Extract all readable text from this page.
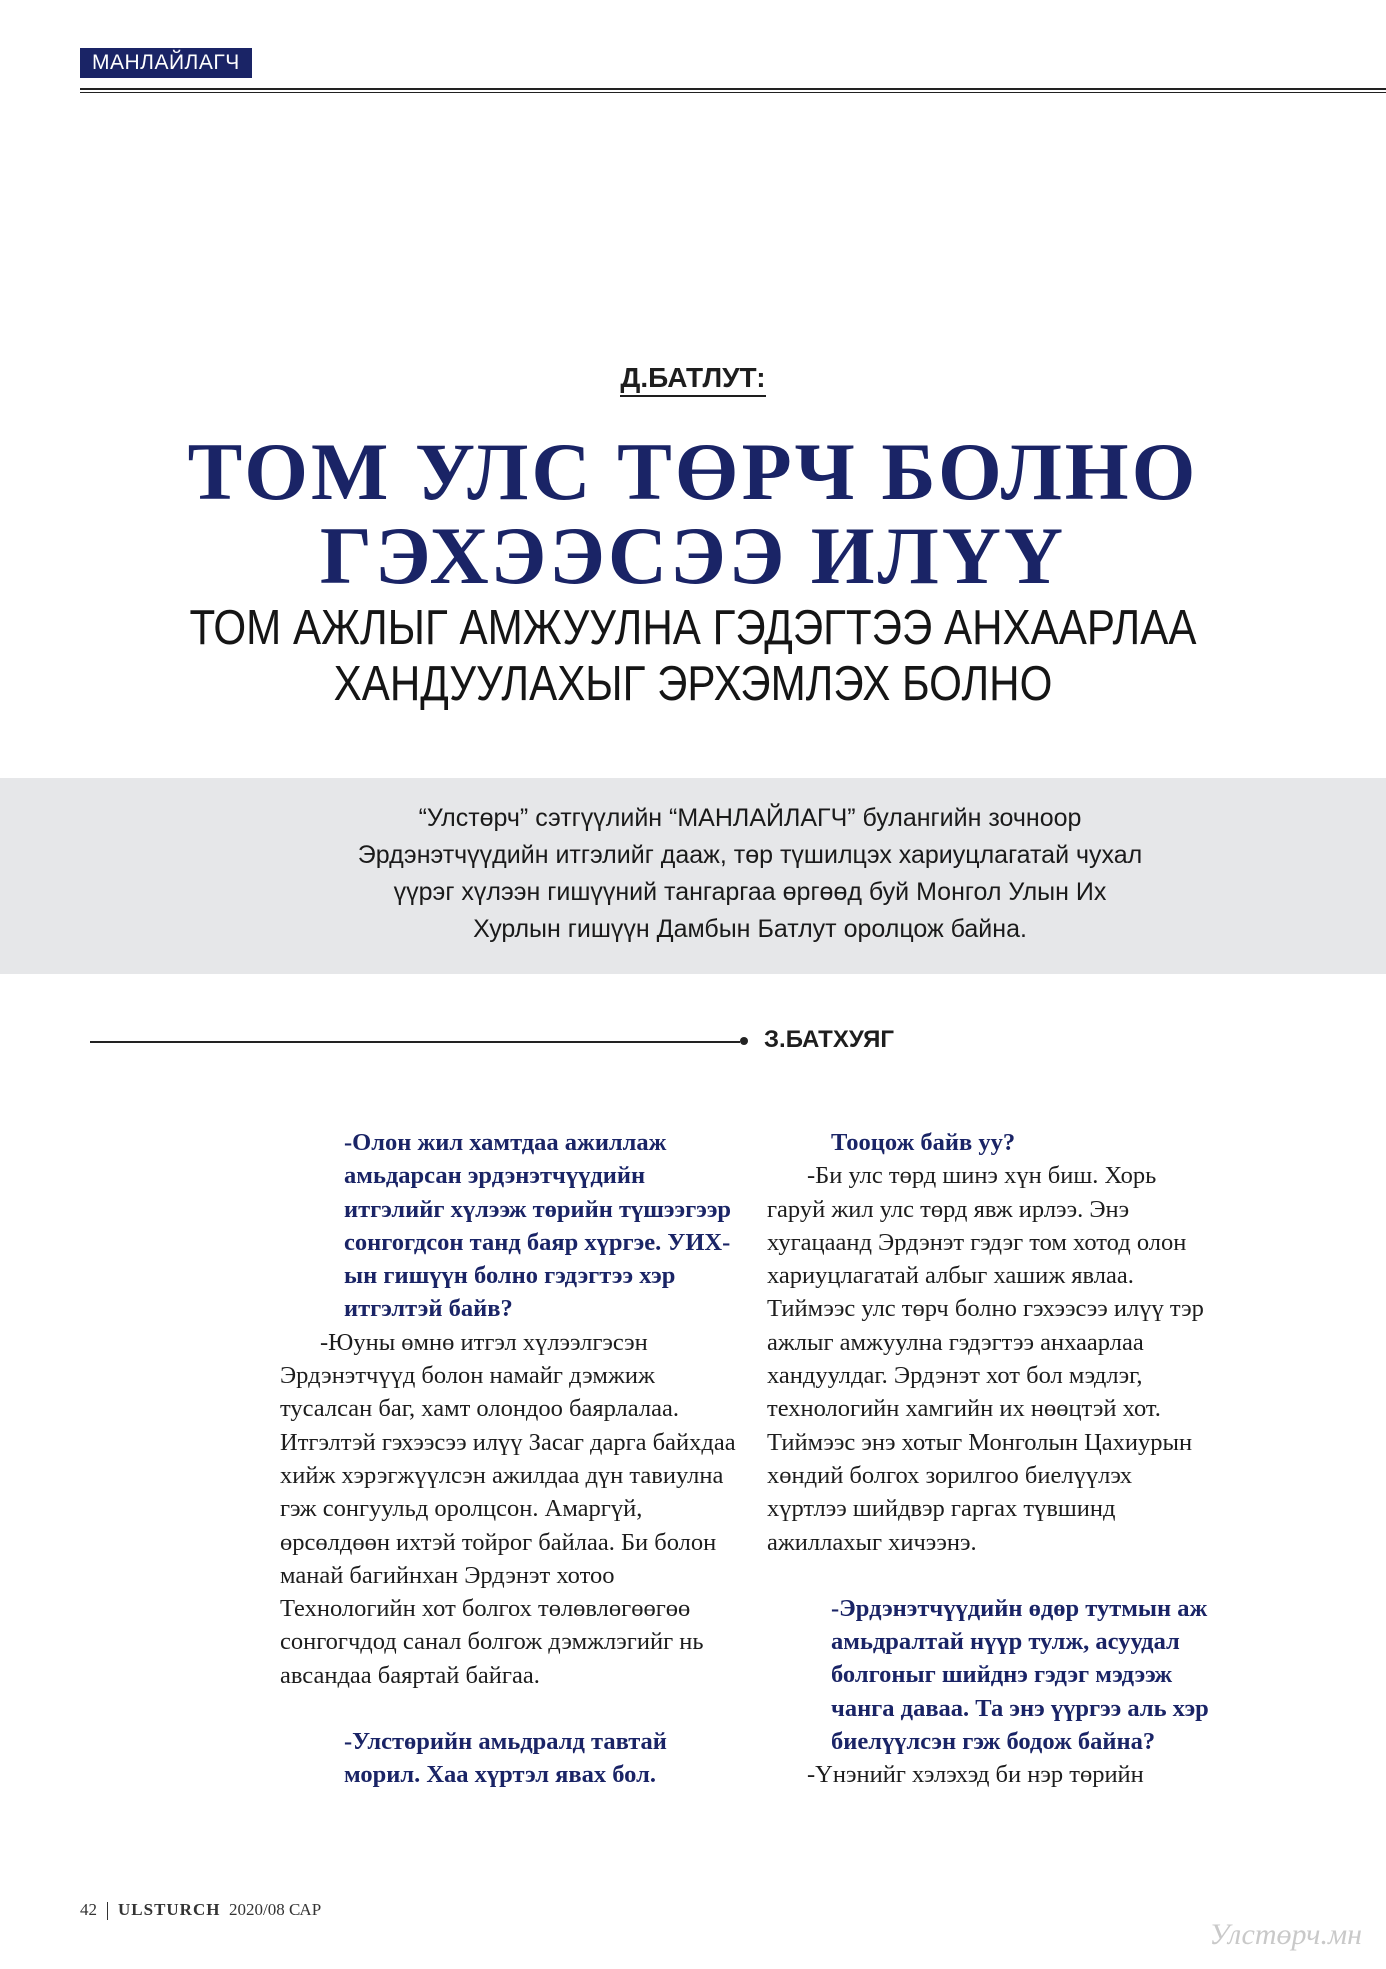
МАНЛАЙЛАГЧ
Д.БАТЛУТ:
ТОМ УЛС ТӨРЧ БОЛНО
ГЭХЭЭСЭЭ ИЛҮҮ
ТОМ АЖЛЫГ АМЖУУЛНА ГЭДЭГТЭЭ АНХААРЛАА
ХАНДУУЛАХЫГ ЭРХЭМЛЭХ БОЛНО
“Улстөрч” сэтгүүлийн “МАНЛАЙЛАГЧ” булангийн зочноор
Эрдэнэтчүүдийн итгэлийг дааж, төр түшилцэх хариуцлагатай чухал
үүрэг хүлээн гишүүний тангаргаа өргөөд буй Монгол Улын Их
Хурлын гишүүн Дамбын Батлут оролцож байна.
З.БАТХУЯГ
-Олон жил хамтдаа ажиллаж амьдарсан эрдэнэтчүүдийн итгэлийг хүлээж төрийн түшээгээр сонгогдсон танд баяр хүргэе. УИХ-ын гишүүн болно гэдэгтээ хэр итгэлтэй байв?
-Юуны өмнө итгэл хүлээлгэсэн Эрдэнэтчүүд болон намайг дэмжиж тусалсан баг, хамт олондоо баярлалаа. Итгэлтэй гэхээсээ илүү Засаг дарга байхдаа хийж хэрэгжүүлсэн ажилдаа дүн тавиулна гэж сонгуульд оролцсон. Амаргүй, өрсөлдөөн ихтэй тойрог байлаа. Би болон манай багийнхан Эрдэнэт хотоо Технологийн хот болгох төлөвлөгөөгөө сонгогчдод санал болгож дэмжлэгийг нь авсандаа баяртай байгаа.
-Улстөрийн амьдралд тавтай морил. Хаа хүртэл явах бол.
Тооцож байв уу?
-Би улс төрд шинэ хүн биш. Хорь гаруй жил улс төрд явж ирлээ. Энэ хугацаанд Эрдэнэт гэдэг том хотод олон хариуцлагатай албыг хашиж явлаа. Тиймээс улс төрч болно гэхээсээ илүү тэр ажлыг амжуулна гэдэгтээ анхаарлаа хандуулдаг. Эрдэнэт хот бол мэдлэг, технологийн хамгийн их нөөцтэй хот. Тиймээс энэ хотыг Монголын Цахиурын хөндий болгох зорилгоо биелүүлэх хүртлээ шийдвэр гаргах түвшинд ажиллахыг хичээнэ.
-Эрдэнэтчүүдийн өдөр тутмын аж амьдралтай нүүр тулж, асуудал болгоныг шийднэ гэдэг мэдээж чанга даваа. Та энэ үүргээ аль хэр биелүүлсэн гэж бодож байна?
-Үнэнийг хэлэхэд би нэр төрийн
42 ULSTURCH 2020/08 САР
Улстөрч.мн
